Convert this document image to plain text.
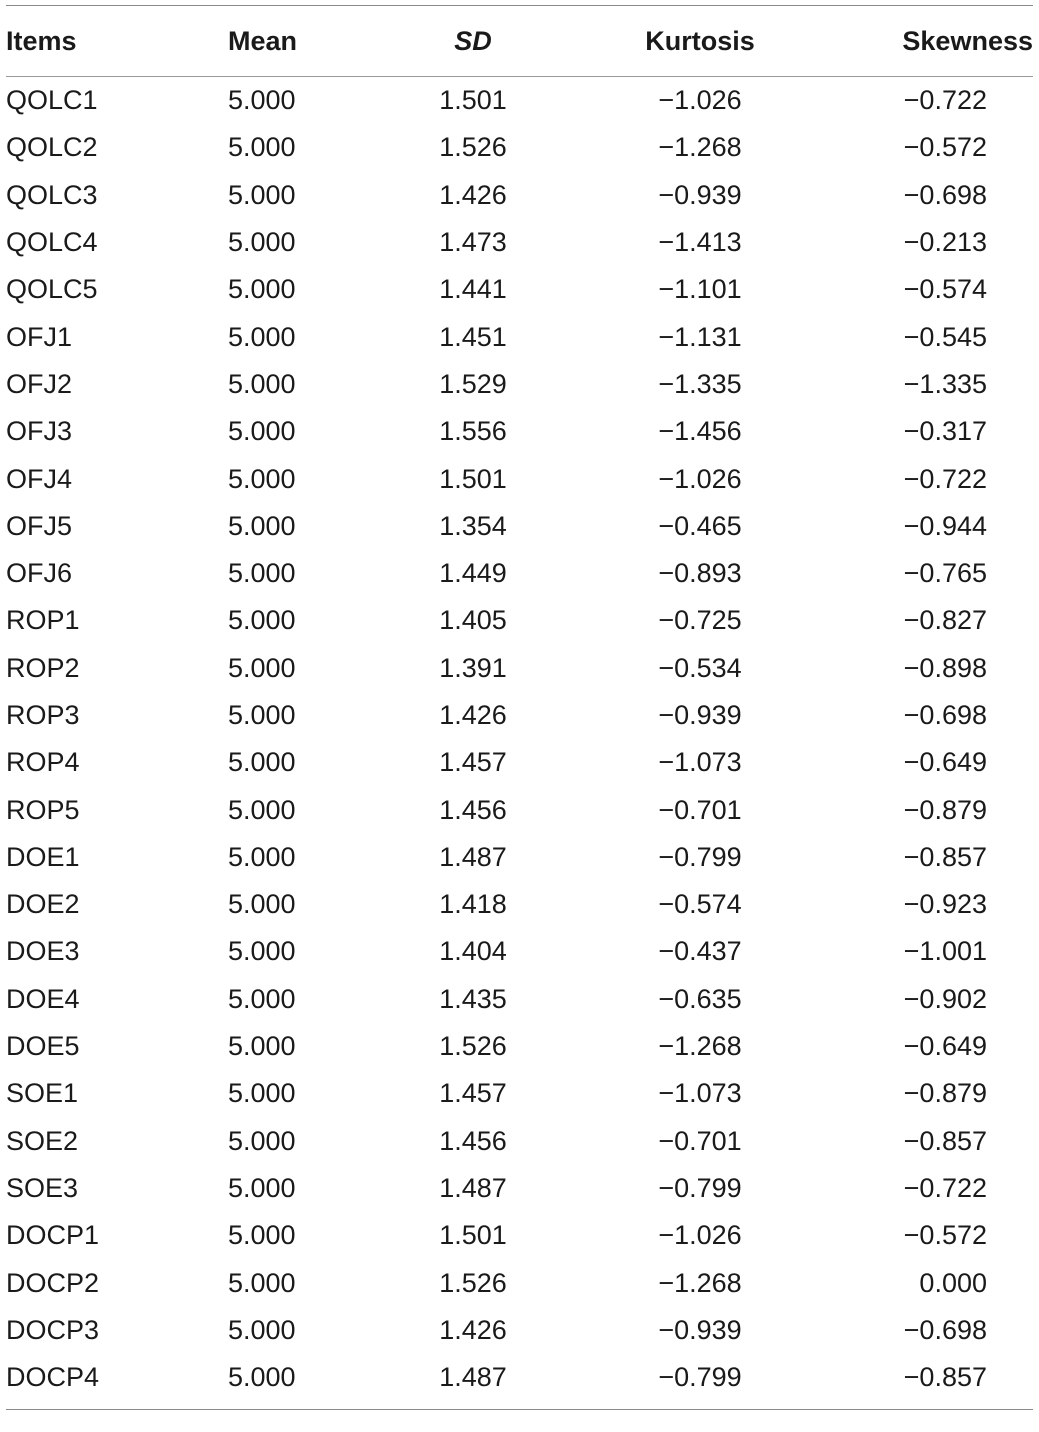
Items	Mean	SD	Kurtosis	Skewness
QOLC1	5.000	1.501	−1.026	−0.722
QOLC2	5.000	1.526	−1.268	−0.572
QOLC3	5.000	1.426	−0.939	−0.698
QOLC4	5.000	1.473	−1.413	−0.213
QOLC5	5.000	1.441	−1.101	−0.574
OFJ1	5.000	1.451	−1.131	−0.545
OFJ2	5.000	1.529	−1.335	−1.335
OFJ3	5.000	1.556	−1.456	−0.317
OFJ4	5.000	1.501	−1.026	−0.722
OFJ5	5.000	1.354	−0.465	−0.944
OFJ6	5.000	1.449	−0.893	−0.765
ROP1	5.000	1.405	−0.725	−0.827
ROP2	5.000	1.391	−0.534	−0.898
ROP3	5.000	1.426	−0.939	−0.698
ROP4	5.000	1.457	−1.073	−0.649
ROP5	5.000	1.456	−0.701	−0.879
DOE1	5.000	1.487	−0.799	−0.857
DOE2	5.000	1.418	−0.574	−0.923
DOE3	5.000	1.404	−0.437	−1.001
DOE4	5.000	1.435	−0.635	−0.902
DOE5	5.000	1.526	−1.268	−0.649
SOE1	5.000	1.457	−1.073	−0.879
SOE2	5.000	1.456	−0.701	−0.857
SOE3	5.000	1.487	−0.799	−0.722
DOCP1	5.000	1.501	−1.026	−0.572
DOCP2	5.000	1.526	−1.268	0.000
DOCP3	5.000	1.426	−0.939	−0.698
DOCP4	5.000	1.487	−0.799	−0.857
